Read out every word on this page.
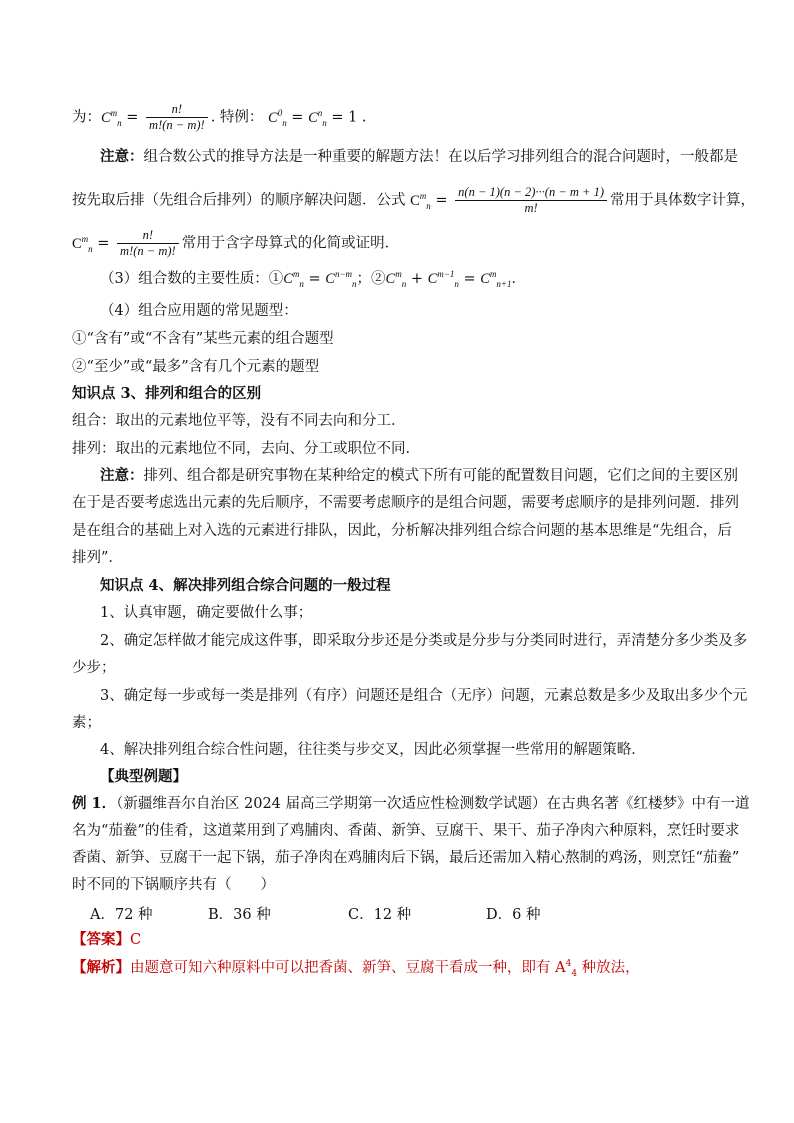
为：$C^m_n = \frac{n!}{m!(n - m)!}$ . 特例： $C^0_n = C^n_n = 1$ .
注意：组合数公式的推导方法是一种重要的解题方法！在以后学习排列组合的混合问题时，一般都是
按先取后排（先组合后排列）的顺序解决问题．公式 $C^m_n = \frac{n(n - 1)(n - 2)\cdot\cdot\cdot(n - m + 1)}{m!}$ 常用于具体数字计算，
$C^m_n = \frac{n!}{m!(n - m)!}$ 常用于含字母算式的化简或证明．
（3）组合数的主要性质：$①C^m_n = C^{n-m}_n$；$②C^m_n + C^{m-1}_n = C^m_{n+1}$．
（4）组合应用题的常见题型：
①“含有”或“不含有”某些元素的组合题型
②“至少”或“最多”含有几个元素的题型
知识点 3、排列和组合的区别
组合：取出的元素地位平等，没有不同去向和分工．
排列：取出的元素地位不同，去向、分工或职位不同．
注意：排列、组合都是研究事物在某种给定的模式下所有可能的配置数目问题，它们之间的主要区别
在于是否要考虑选出元素的先后顺序，不需要考虑顺序的是组合问题，需要考虑顺序的是排列问题．排列
是在组合的基础上对入选的元素进行排队，因此，分析解决排列组合综合问题的基本思维是“先组合，后
排列”．
知识点 4、解决排列组合综合问题的一般过程
1、认真审题，确定要做什么事；
2、确定怎样做才能完成这件事，即采取分步还是分类或是分步与分类同时进行，弄清楚分多少类及多
少步；
3、确定每一步或每一类是排列（有序）问题还是组合（无序）问题，元素总数是多少及取出多少个元
素；
4、解决排列组合综合性问题，往往类与步交叉，因此必须掌握一些常用的解题策略．
【典型例题】
例 1．（新疆维吾尔自治区 2024 届高三学期第一次适应性检测数学试题）在古典名著《红楼梦》中有一道
名为“茄鲞”的佳肴，这道菜用到了鸡脯肉、香菌、新笋、豆腐干、果干、茄子净肉六种原料，烹饪时要求
香菌、新笋、豆腐干一起下锅，茄子净肉在鸡脯肉后下锅，最后还需加入精心熬制的鸡汤，则烹饪“茄鲞”
时不同的下锅顺序共有（　　）
A．72 种	B．36 种	C．12 种	D．6 种
【答案】C
【解析】由题意可知六种原料中可以把香菌、新笋、豆腐干看成一种，即有 $A^4_4$ 种放法，
